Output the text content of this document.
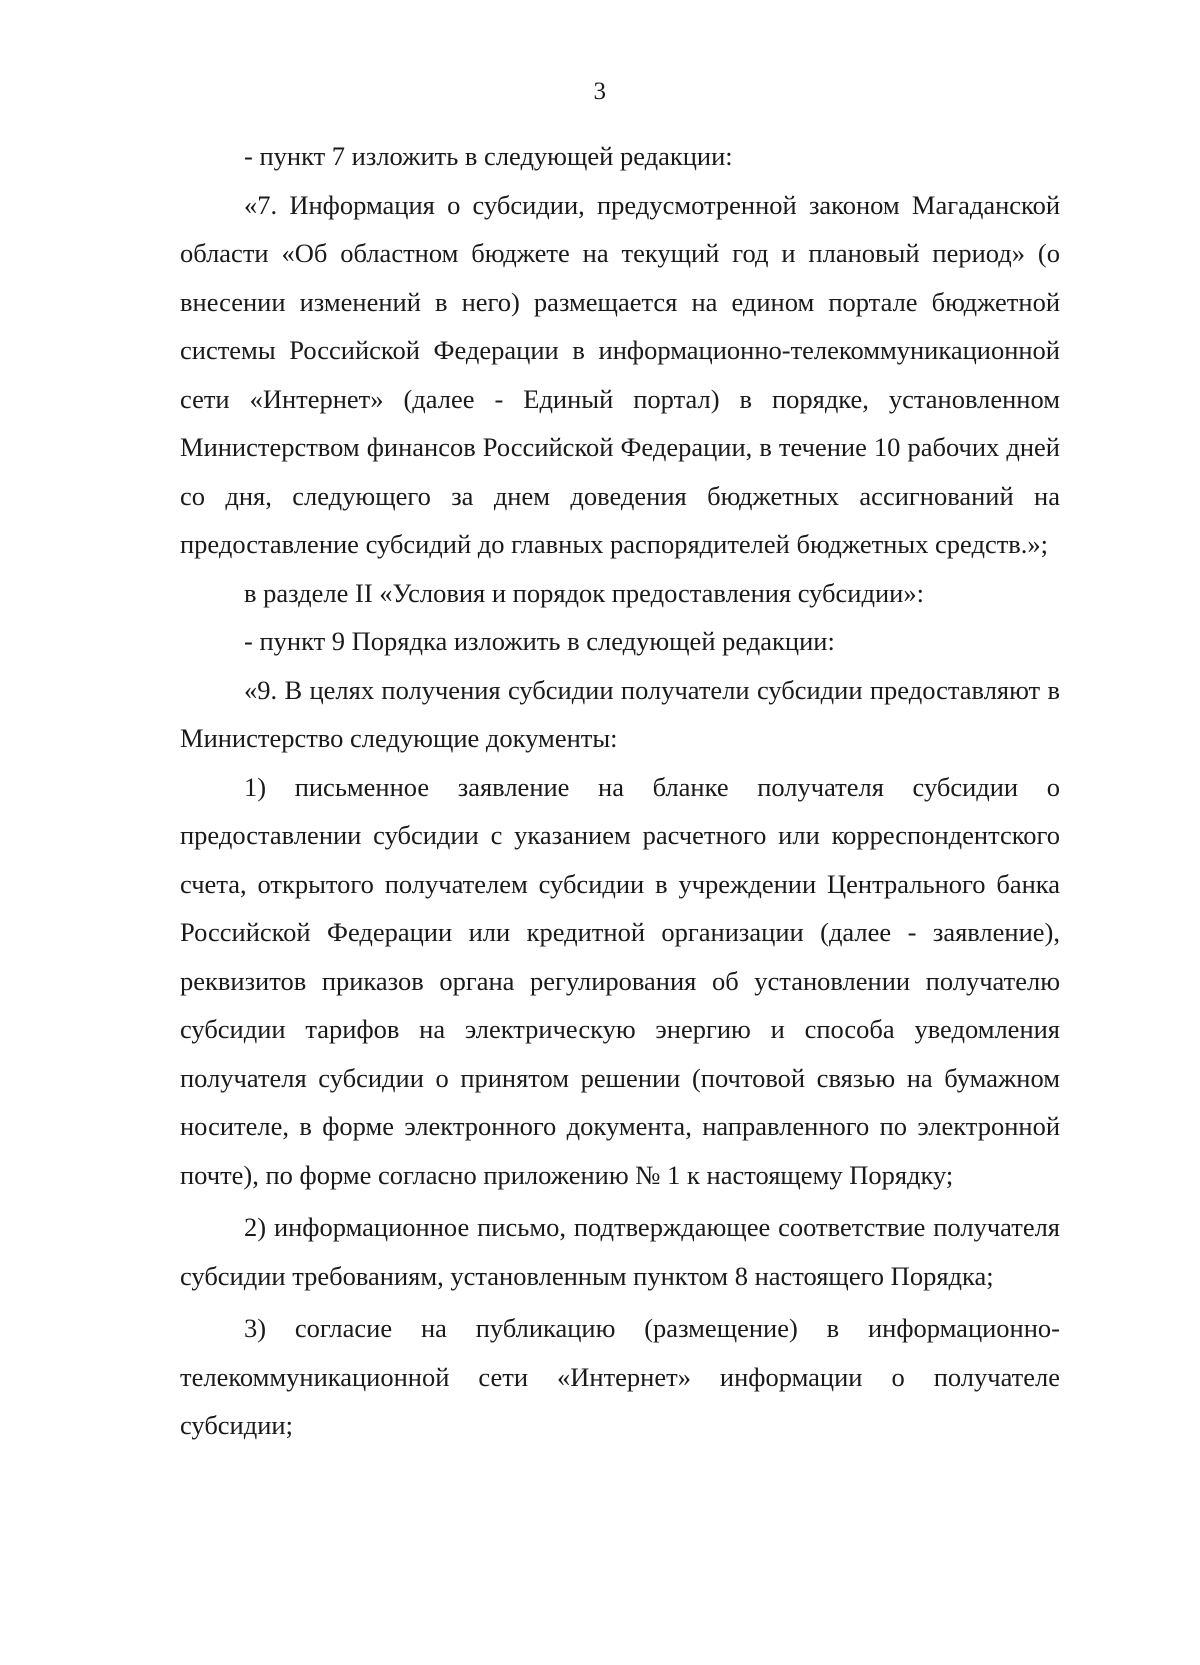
3

- пункт 7 изложить в следующей редакции:

«7. Информация о субсидии, предусмотренной законом Магаданской области «Об областном бюджете на текущий год и плановый период» (о внесении изменений в него) размещается на едином портале бюджетной системы Российской Федерации в информационно-телекоммуникационной сети «Интернет» (далее - Единый портал) в порядке, установленном Министерством финансов Российской Федерации, в течение 10 рабочих дней со дня, следующего за днем доведения бюджетных ассигнований на предоставление субсидий до главных распорядителей бюджетных средств.»;

в разделе II «Условия и порядок предоставления субсидии»:

- пункт 9 Порядка изложить в следующей редакции:

«9. В целях получения субсидии получатели субсидии предоставляют в Министерство следующие документы:

1) письменное заявление на бланке получателя субсидии о предоставлении субсидии с указанием расчетного или корреспондентского счета, открытого получателем субсидии в учреждении Центрального банка Российской Федерации или кредитной организации (далее - заявление), реквизитов приказов органа регулирования об установлении получателю субсидии тарифов на электрическую энергию и способа уведомления получателя субсидии о принятом решении (почтовой связью на бумажном носителе, в форме электронного документа, направленного по электронной почте), по форме согласно приложению № 1 к настоящему Порядку;

2) информационное письмо, подтверждающее соответствие получателя субсидии требованиям, установленным пунктом 8 настоящего Порядка;

3) согласие на публикацию (размещение) в информационно-телекоммуникационной сети «Интернет» информации о получателе субсидии;
